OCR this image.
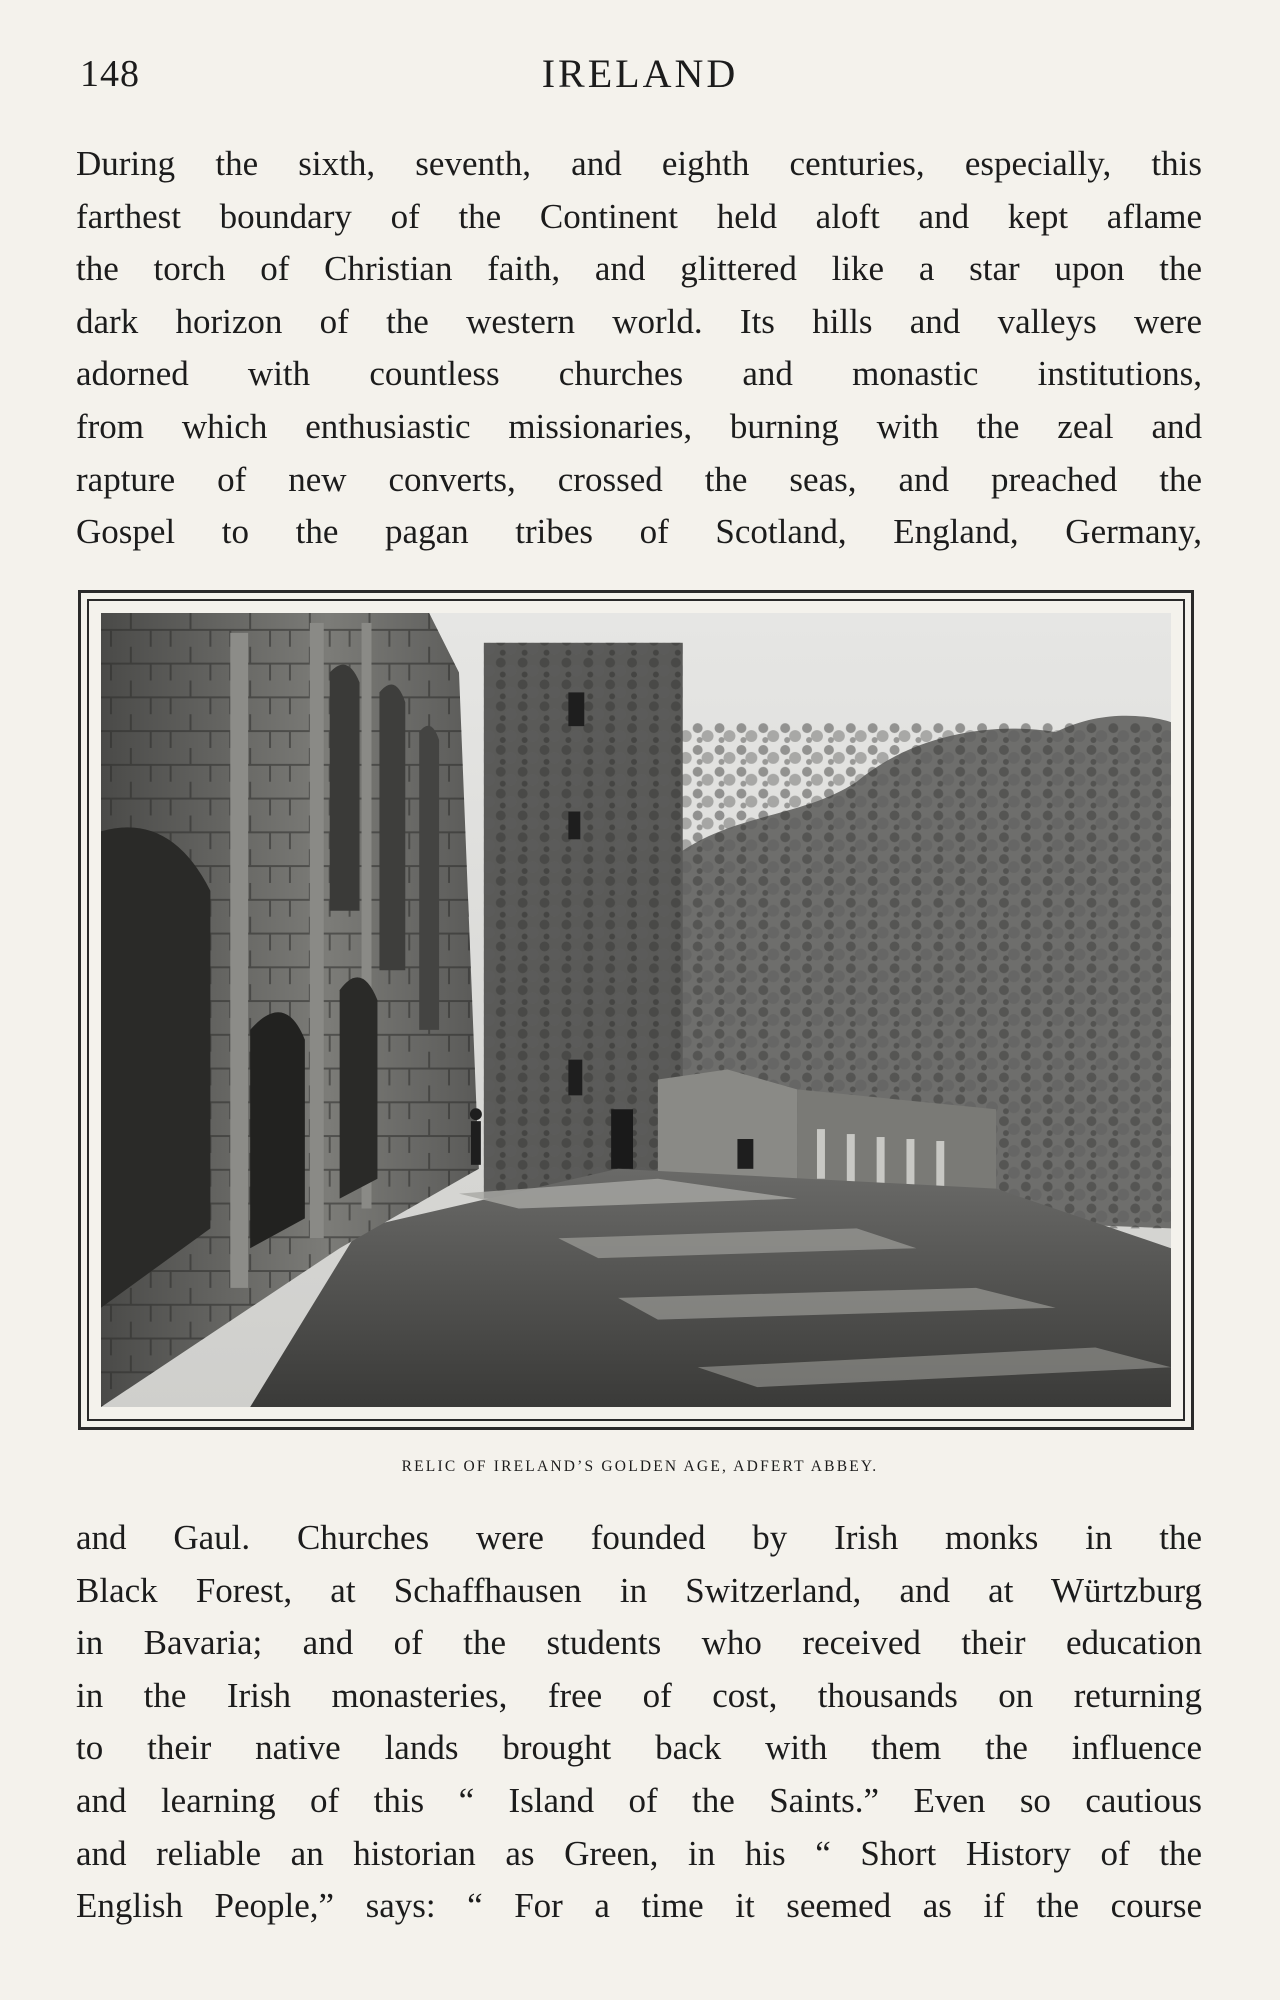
148	IRELAND
During the sixth, seventh, and eighth centuries, especially, this
farthest boundary of the Continent held aloft and kept aflame
the torch of Christian faith, and glittered like a star upon the
dark horizon of the western world. Its hills and valleys were
adorned with countless churches and monastic institutions,
from which enthusiastic missionaries, burning with the zeal and
rapture of new converts, crossed the seas, and preached the
Gospel to the pagan tribes of Scotland, England, Germany,
RELIC OF IRELAND’S GOLDEN AGE, ADFERT ABBEY.
and Gaul. Churches were founded by Irish monks in the
Black Forest, at Schaffhausen in Switzerland, and at Würtzburg
in Bavaria; and of the students who received their education
in the Irish monasteries, free of cost, thousands on returning
to their native lands brought back with them the influence
and learning of this “ Island of the Saints.” Even so cautious
and reliable an historian as Green, in his “ Short History of the
English People,” says: “ For a time it seemed as if the course
